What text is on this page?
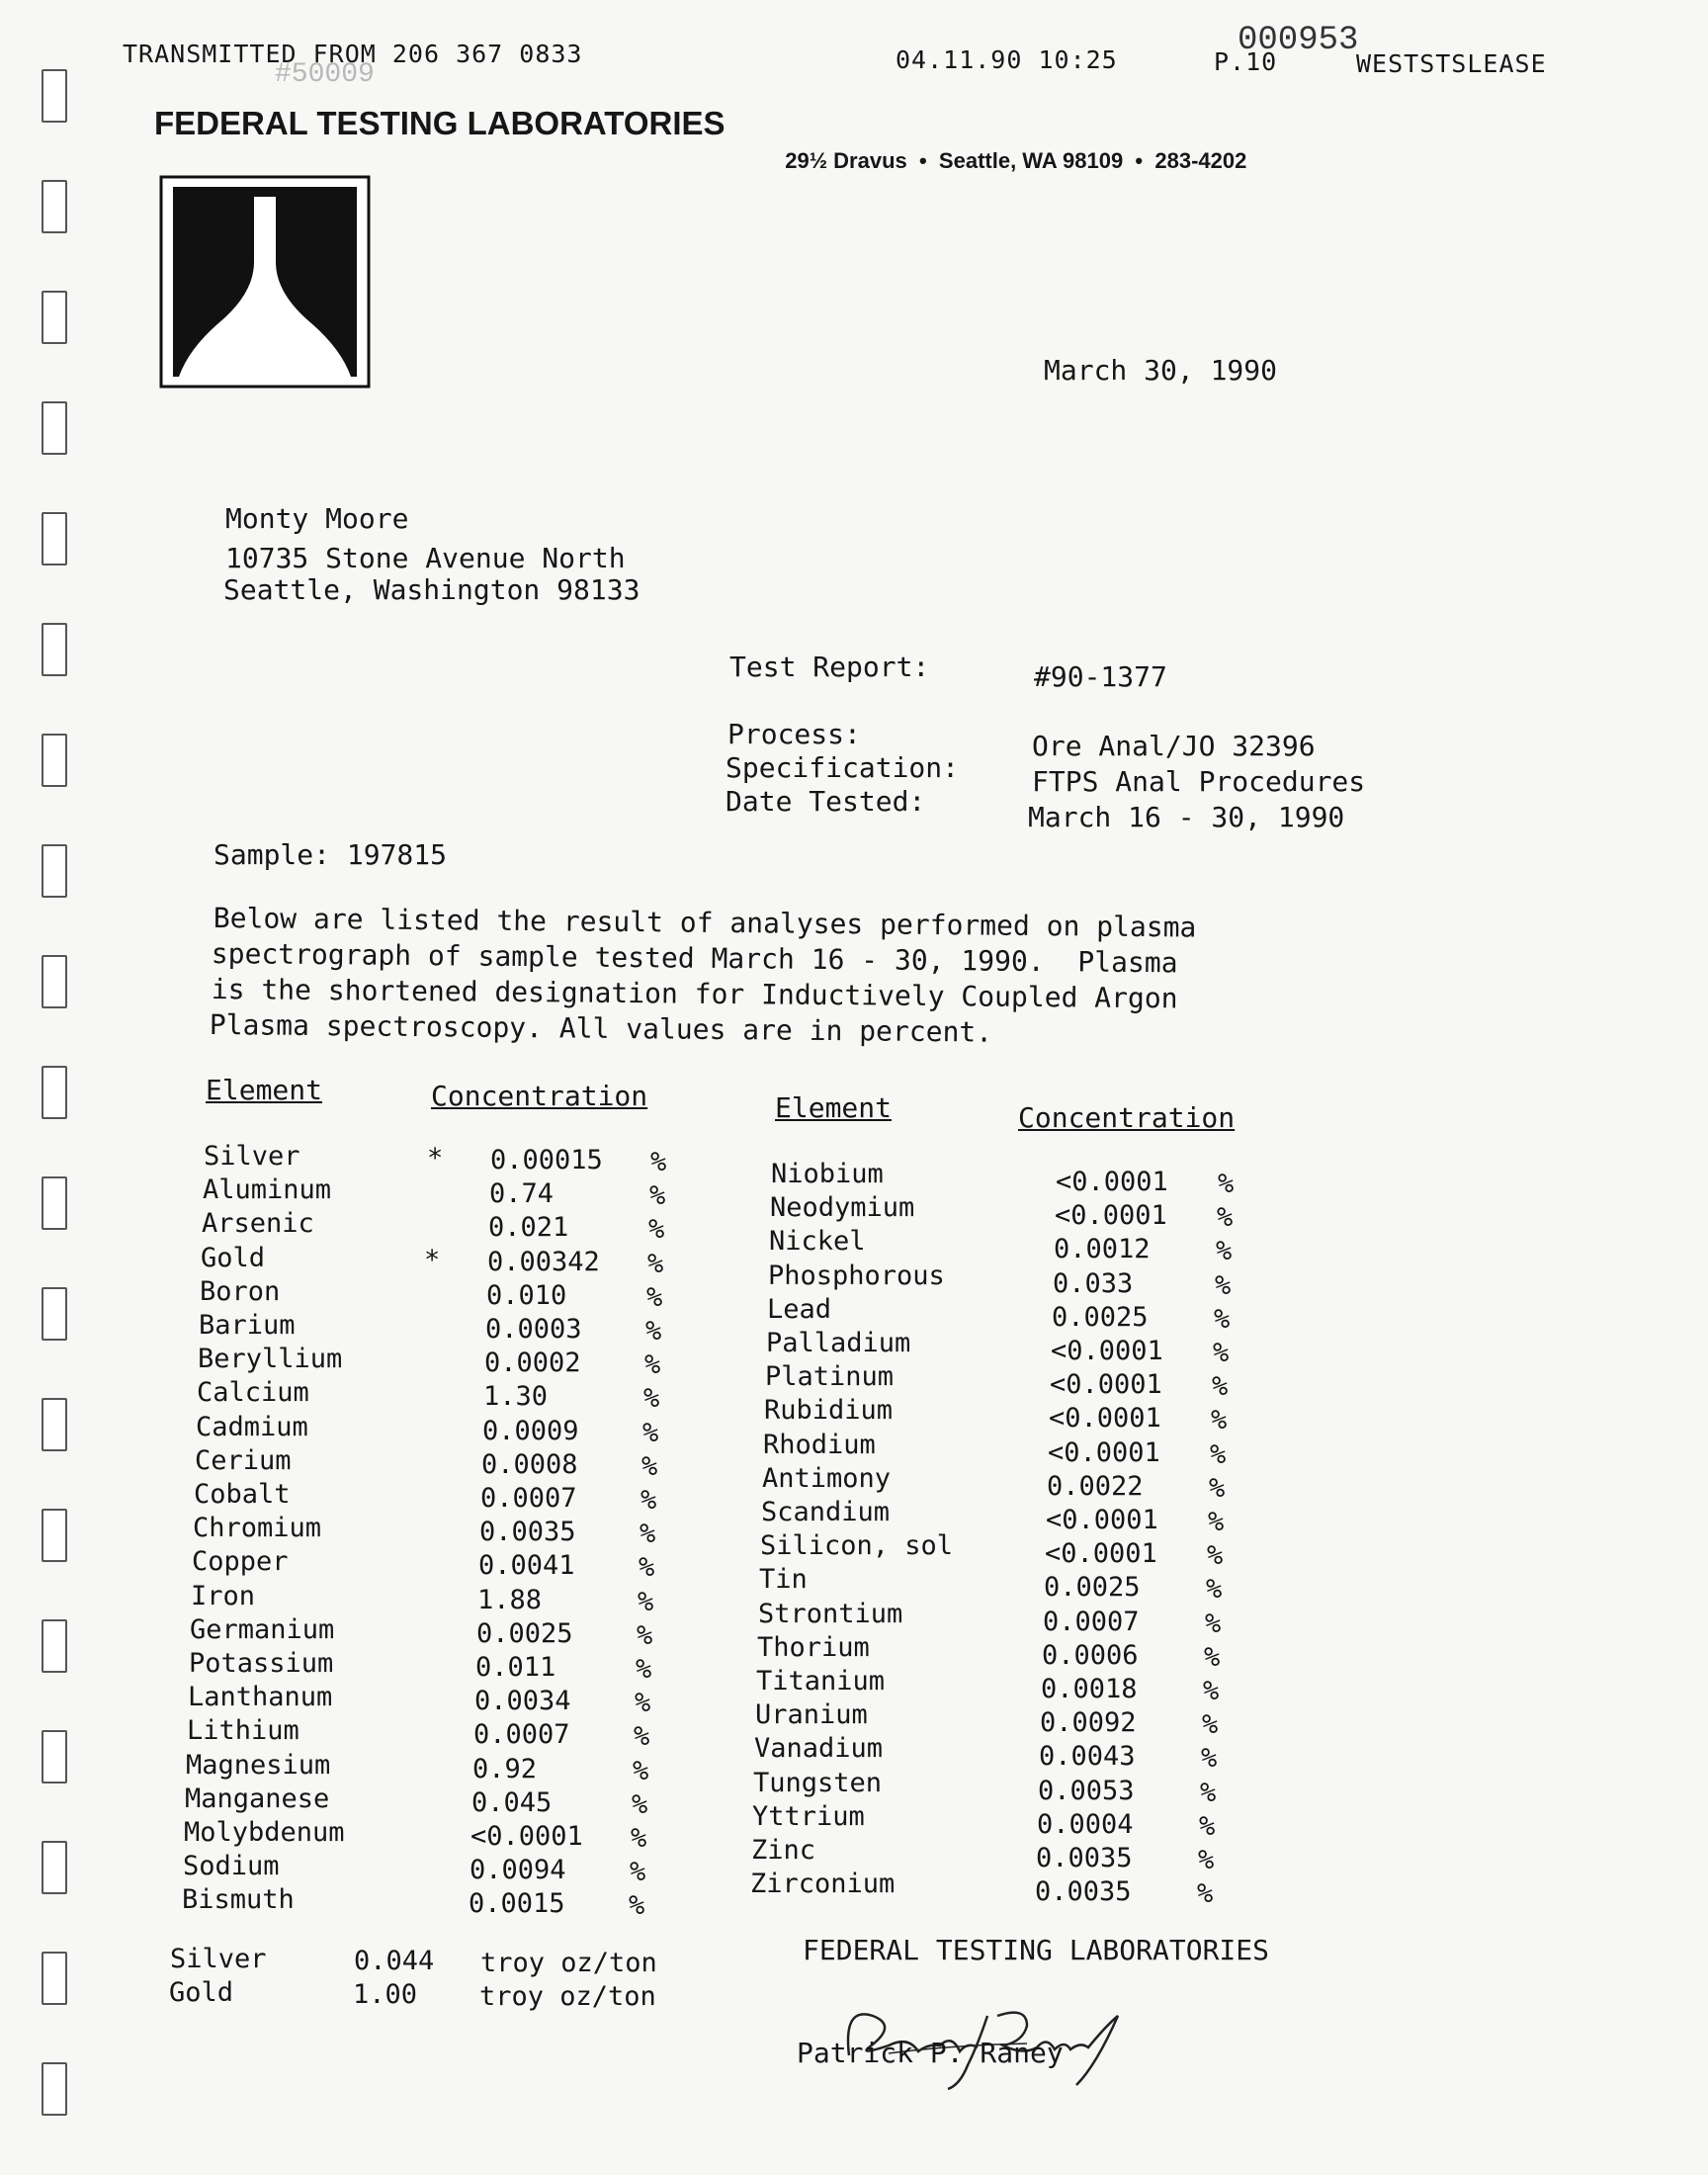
TRANSMITTED FROM 206 367 0833	04.11.90 10:25	P.10	WESTSTSLEASE
000953
#50009
FEDERAL TESTING LABORATORIES

29½ Dravus  •  Seattle, WA 98109  •  283-4202

March 30, 1990
Monty Moore
10735 Stone Avenue North
Seattle, Washington 98133
Test Report:	#90-1377
Process:	Ore Anal/JO 32396
Specification:	FTPS Anal Procedures
Date Tested:	March 16 - 30, 1990
Sample: 197815
Below are listed the result of analyses performed on plasma
spectrograph of sample tested March 16 - 30, 1990.  Plasma
is the shortened designation for Inductively Coupled Argon
Plasma spectroscopy. All values are in percent.
Element	Concentration	Element	Concentration
Silver	* 0.00015 %
Aluminum	0.74	%
Arsenic	0.021	%
Gold	* 0.00342 %
Boron	0.010	%
Barium	0.0003 %
Beryllium	0.0002 %
Calcium	1.30	%
Cadmium	0.0009 %
Cerium	0.0008 %
Cobalt	0.0007 %
Chromium	0.0035 %
Copper	0.0041 %
Iron	1.88	%
Germanium	0.0025 %
Potassium	0.011	%
Lanthanum	0.0034 %
Lithium	0.0007 %
Magnesium	0.92	%
Manganese	0.045	%
Molybdenum	<0.0001 %
Sodium	0.0094 %
Bismuth	0.0015 %
Niobium	<0.0001 %
Neodymium	<0.0001 %
Nickel	0.0012 %
Phosphorous	0.033	%
Lead	0.0025 %
Palladium	<0.0001 %
Platinum	<0.0001 %
Rubidium	<0.0001 %
Rhodium	<0.0001 %
Antimony	0.0022 %
Scandium	<0.0001 %
Silicon, sol	<0.0001 %
Tin	0.0025 %
Strontium	0.0007 %
Thorium	0.0006 %
Titanium	0.0018 %
Uranium	0.0092 %
Vanadium	0.0043 %
Tungsten	0.0053 %
Yttrium	0.0004 %
Zinc	0.0035 %
Zirconium	0.0035 %
Silver	0.044 troy oz/ton
Gold	1.00 troy oz/ton
FEDERAL TESTING LABORATORIES

Patrick P. Raney
